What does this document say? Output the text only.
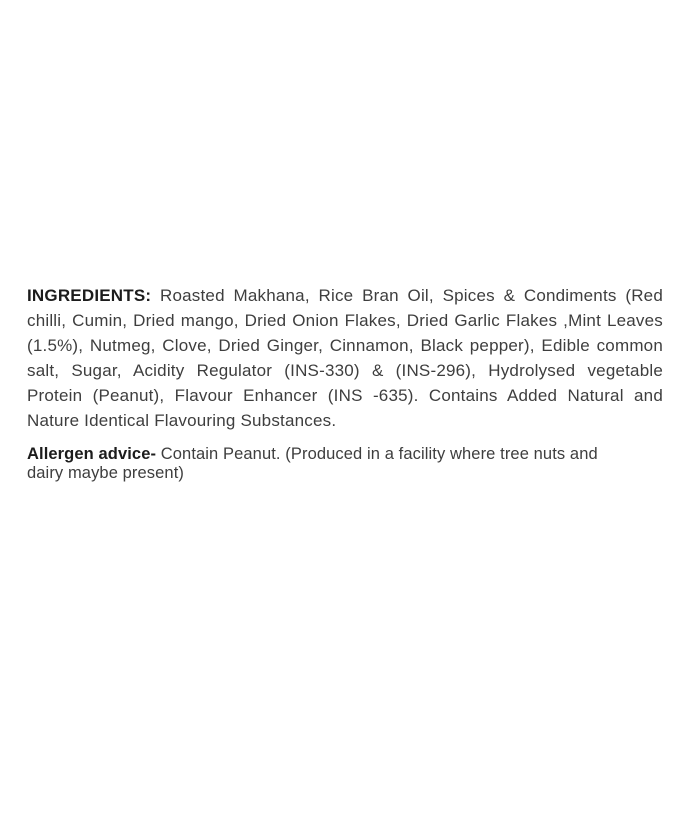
INGREDIENTS: Roasted Makhana, Rice Bran Oil, Spices & Condiments (Red
chilli, Cumin, Dried mango, Dried Onion Flakes, Dried Garlic Flakes ,Mint Leaves
(1.5%), Nutmeg, Clove, Dried Ginger, Cinnamon, Black pepper), Edible common
salt, Sugar, Acidity Regulator (INS-330) & (INS-296), Hydrolysed vegetable
Protein (Peanut), Flavour Enhancer (INS -635). Contains Added Natural and
Nature Identical Flavouring Substances.
Allergen advice- Contain Peanut. (Produced in a facility where tree nuts and
dairy maybe present)
